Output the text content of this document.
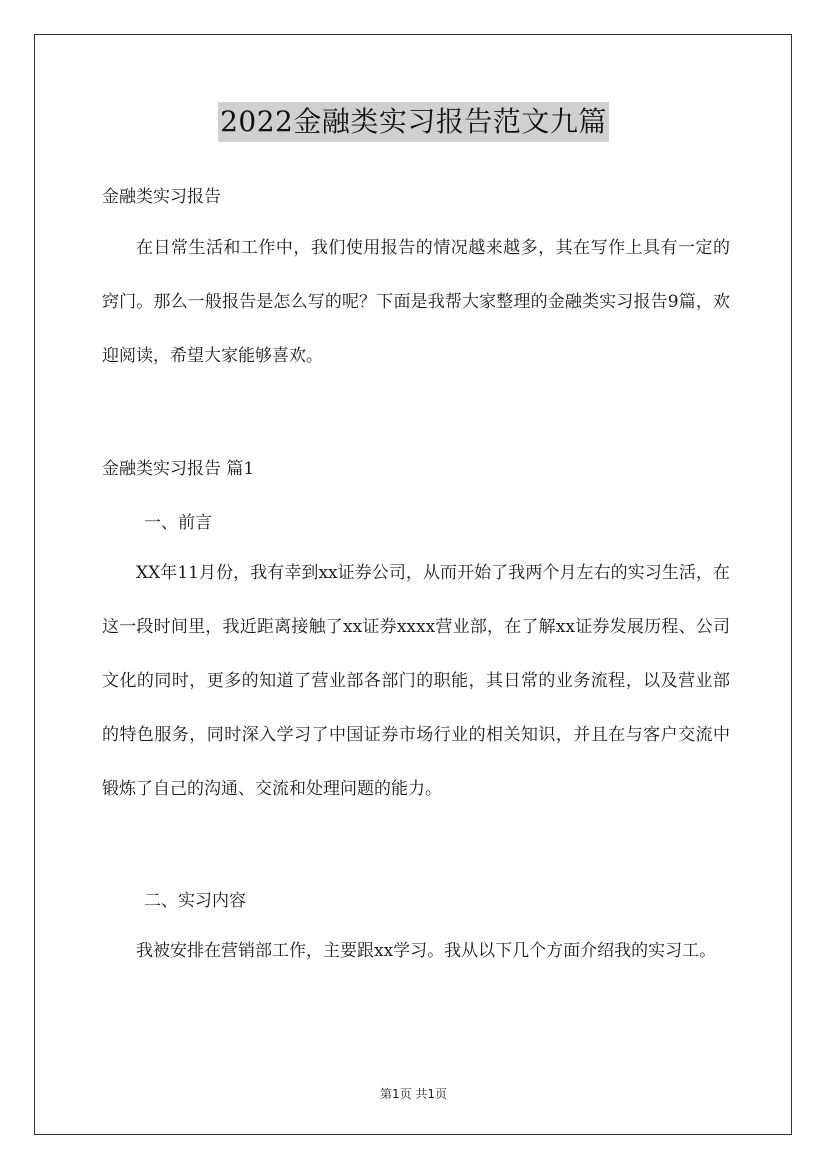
2022金融类实习报告范文九篇
金融类实习报告
在日常生活和工作中，我们使用报告的情况越来越多，其在写作上具有一定的窍门。那么一般报告是怎么写的呢？下面是我帮大家整理的金融类实习报告9篇，欢迎阅读，希望大家能够喜欢。
金融类实习报告 篇1
一、前言
XX年11月份，我有幸到xx证券公司，从而开始了我两个月左右的实习生活，在这一段时间里，我近距离接触了xx证券xxxx营业部，在了解xx证券发展历程、公司文化的同时，更多的知道了营业部各部门的职能，其日常的业务流程，以及营业部的特色服务，同时深入学习了中国证券市场行业的相关知识，并且在与客户交流中锻炼了自己的沟通、交流和处理问题的能力。
二、实习内容
我被安排在营销部工作，主要跟xx学习。我从以下几个方面介绍我的实习工。
第1页 共1页
